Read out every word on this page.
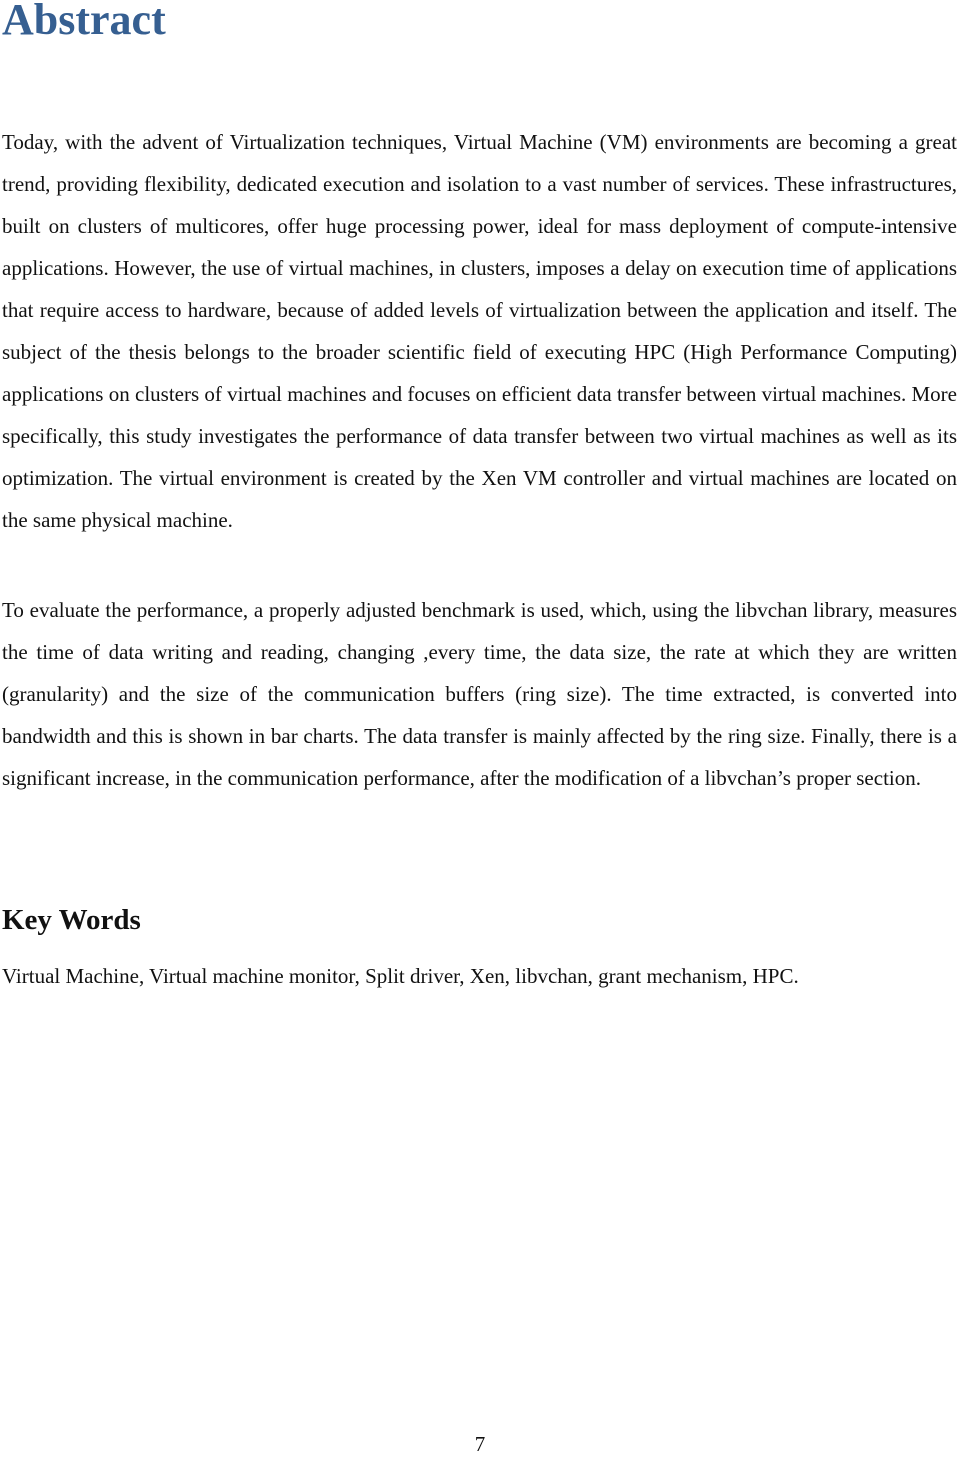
Abstract

Today, with the advent of Virtualization techniques, Virtual Machine (VM) environments are becoming a great trend, providing flexibility, dedicated execution and isolation to a vast number of services. These infrastructures, built on clusters of multicores, offer huge processing power, ideal for mass deployment of compute-intensive applications. However, the use of virtual machines, in clusters, imposes a delay on execution time of applications that require access to hardware, because of added levels of virtualization between the application and itself. The subject of the thesis belongs to the broader scientific field of executing HPC (High Performance Computing) applications on clusters of virtual machines and focuses on efficient data transfer between virtual machines. More specifically, this study investigates the performance of data transfer between two virtual machines as well as its optimization. The virtual environment is created by the Xen VM controller and virtual machines are located on the same physical machine.

To evaluate the performance, a properly adjusted benchmark is used, which, using the libvchan library, measures the time of data writing and reading, changing ,every time, the data size, the rate at which they are written (granularity) and the size of the communication buffers (ring size). The time extracted, is converted into bandwidth and this is shown in bar charts. The data transfer is mainly affected by the ring size. Finally, there is a significant increase, in the communication performance, after the modification of a libvchan’s proper section.

Key Words

Virtual Machine, Virtual machine monitor, Split driver, Xen, libvchan, grant mechanism, HPC.

7
